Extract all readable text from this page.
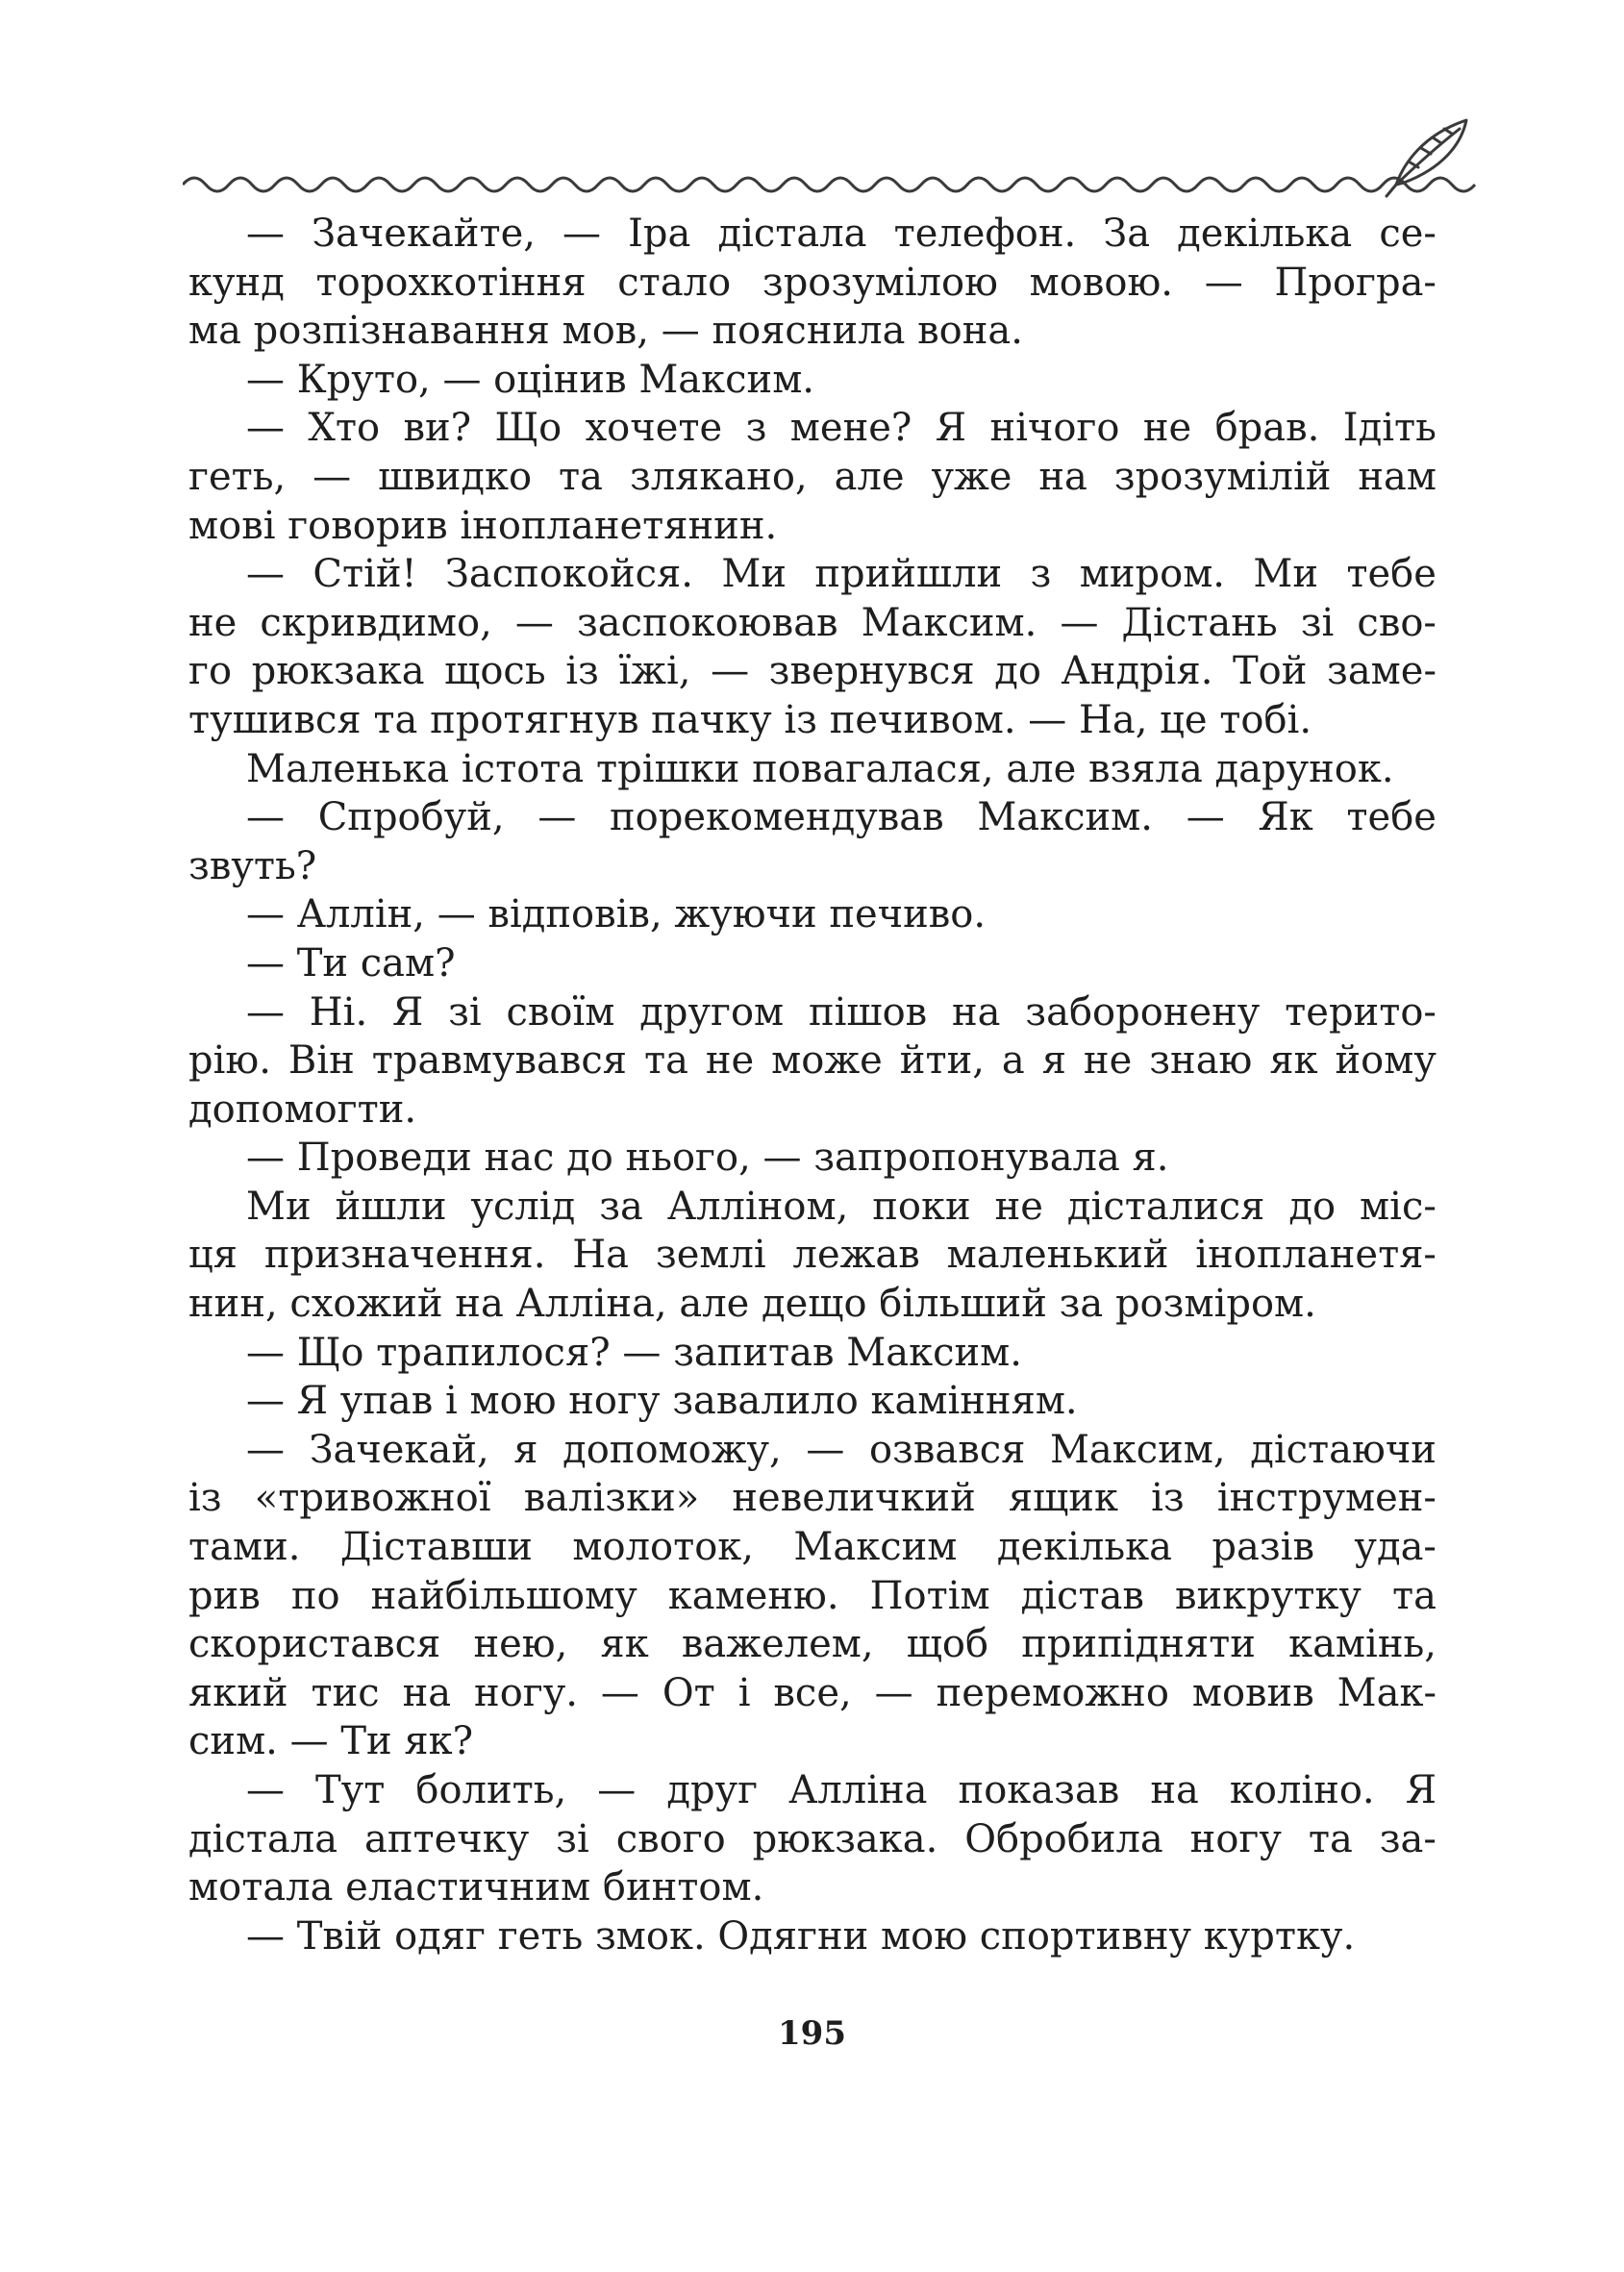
— Зачекайте, — Іра дістала телефон. За декілька се-
кунд торохкотіння стало зрозумілою мовою. — Програ-
ма розпізнавання мов, — пояснила вона.
— Круто, — оцінив Максим.
— Хто ви? Що хочете з мене? Я нічого не брав. Ідіть
геть, — швидко та злякано, але уже на зрозумілій нам
мові говорив інопланетянин.
— Стій! Заспокойся. Ми прийшли з миром. Ми тебе
не скривдимо, — заспокоював Максим. — Дістань зі сво-
го рюкзака щось із їжі, — звернувся до Андрія. Той заме-
тушився та протягнув пачку із печивом. — На, це тобі.
Маленька істота трішки повагалася, але взяла дарунок.
— Спробуй, — порекомендував Максим. — Як тебе
звуть?
— Аллін, — відповів, жуючи печиво.
— Ти сам?
— Ні. Я зі своїм другом пішов на заборонену терито-
рію. Він травмувався та не може йти, а я не знаю як йому
допомогти.
— Проведи нас до нього, — запропонувала я.
Ми йшли услід за Алліном, поки не дісталися до міс-
ця призначення. На землі лежав маленький інопланетя-
нин, схожий на Алліна, але дещо більший за розміром.
— Що трапилося? — запитав Максим.
— Я упав і мою ногу завалило камінням.
— Зачекай, я допоможу, — озвався Максим, дістаючи
із «тривожної валізки» невеличкий ящик із інструмен-
тами. Діставши молоток, Максим декілька разів уда-
рив по найбільшому каменю. Потім дістав викрутку та
скористався нею, як важелем, щоб припідняти камінь,
який тис на ногу. — От і все, — переможно мовив Мак-
сим. — Ти як?
— Тут болить, — друг Алліна показав на коліно. Я
дістала аптечку зі свого рюкзака. Обробила ногу та за-
мотала еластичним бинтом.
— Твій одяг геть змок. Одягни мою спортивну куртку.
195
